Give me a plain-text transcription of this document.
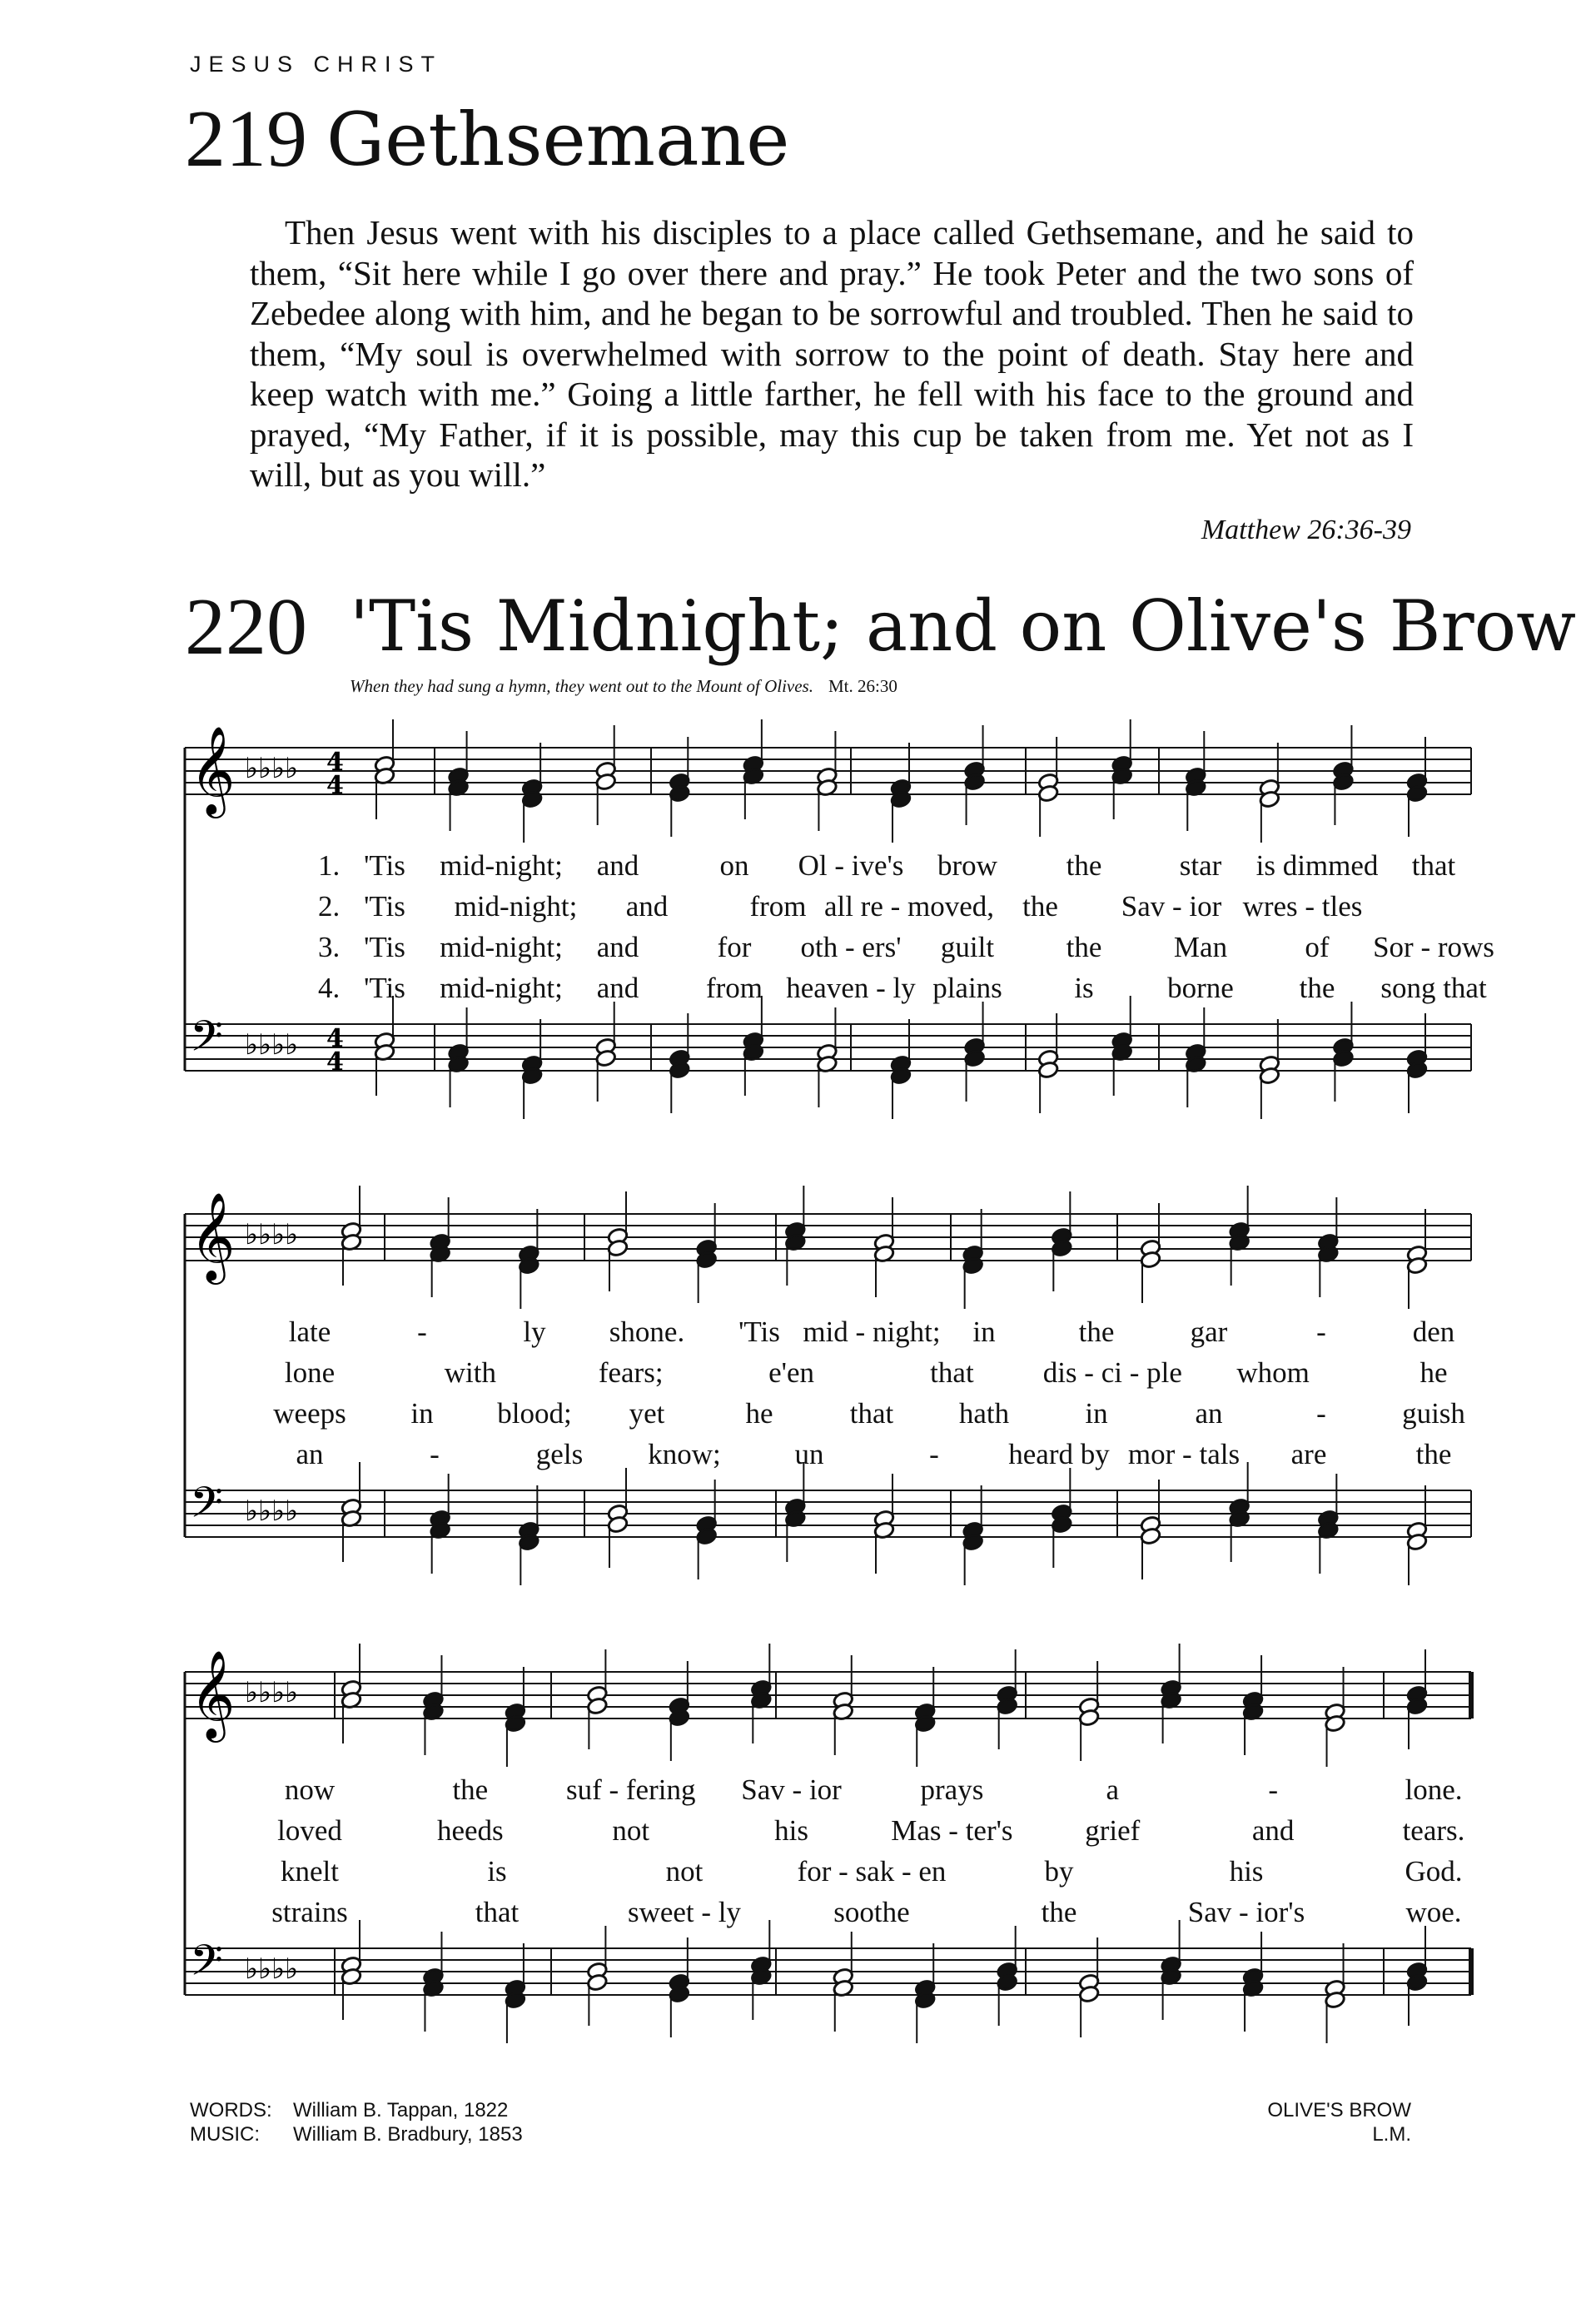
JESUS CHRIST
219 Gethsemane

Then Jesus went with his disciples to a place called Gethsemane, and he said to them, “Sit here while I go over there and pray.” He took Peter and the two sons of Zebedee along with him, and he began to be sorrowful and troubled. Then he said to them, “My soul is overwhelmed with sorrow to the point of death. Stay here and keep watch with me.” Going a little farther, he fell with his face to the ground and prayed, “My Father, if it is possible, may this cup be taken from me. Yet not as I will, but as you will.”

Matthew 26:36-39
220 'Tis Midnight; and on Olive's Brow
When they had sung a hymn, they went out to the Mount of Olives. Mt. 26:30
𝄞 ♭♭♭♭ 4
4
𝄢 ♭♭♭♭ 4
4
1. 'Tis mid-night; and	on Ol - ive's brow the	star is dimmed that
2. 'Tis mid-night; and	from all re - moved, the Sav - ior wres - tles
3. 'Tis mid-night; and	for oth - ers' guilt the Man	of Sor - rows
4. 'Tis mid-night; and from heaven - ly plains is	borne the song that
𝄞 ♭♭♭♭
𝄢 ♭♭♭♭
late	-	ly shone. 'Tis mid - night; in	the	gar	-	den
lone	with	fears;	e'en	that dis - ci - ple whom	he
weeps in blood; yet	he	that hath	in	an	-	guish
an	-	gels know;	un	- heard by mor - tals are	the
𝄞 ♭♭♭♭
𝄢 ♭♭♭♭
now	the	suf - fering Sav - ior	prays	a	-	lone.
loved	heeds	not	his	Mas - ter's grief	and	tears.
knelt	is	not	for - sak - en	by	his	God.
strains	that	sweet - ly	soothe	the	Sav - ior's	woe.
WORDS: William B. Tappan, 1822
MUSIC: William B. Bradbury, 1853
OLIVE'S BROW
L.M.
